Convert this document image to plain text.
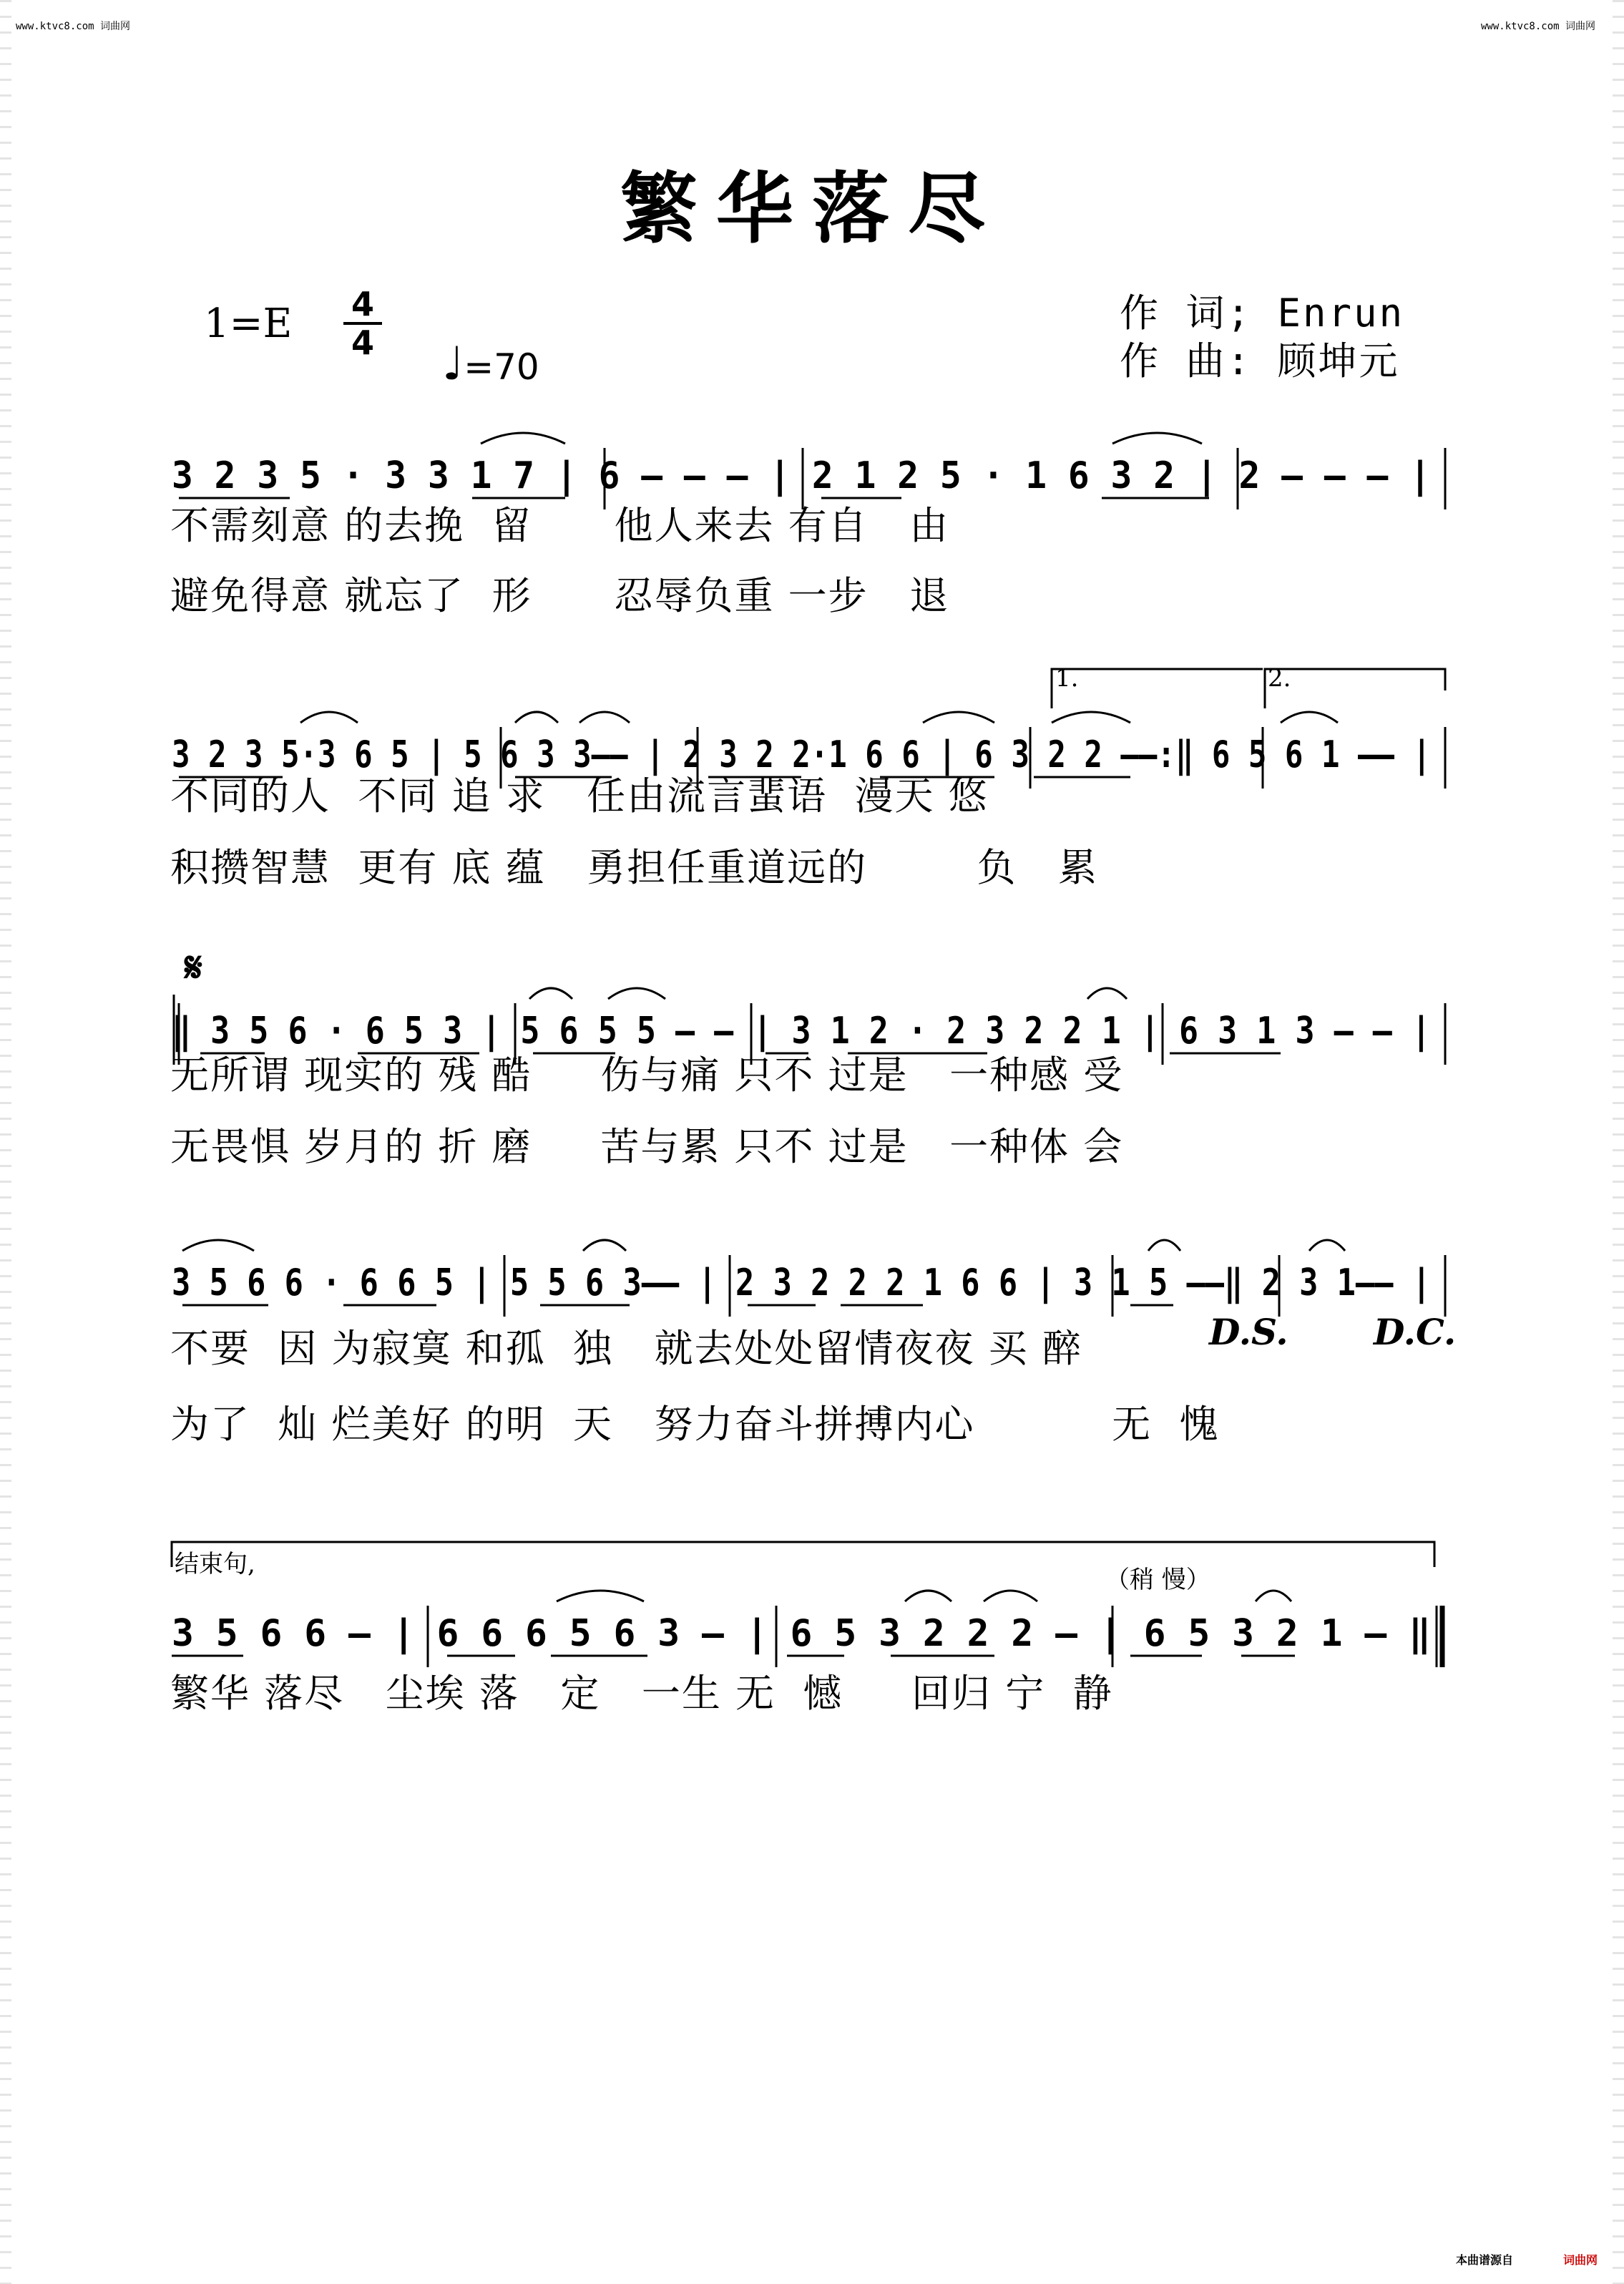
www.ktvc8.com 词曲网	www.ktvc8.com 词曲网
繁华落尽
$1=E \frac{4}{4}$
♩=70
作 词; Enrun
作 曲: 顾坤元
3 2 3 5 · 3 3 1 7 | 6 – – – | 2 1 2 5 · 1 6 3 2 | 2 – – – |
3 2 3 5·3 6 5 | 5 6 3 3–– | 2 3 2 2·1 6 6 | 6 3 2 2 ––:‖ 6 5 6 1 –– |
‖ 3 5 6 · 6 5 3 | 5 6 5 5 – – | 3 1 2 · 2 3 2 2 1 | 6 3 1 3 – – |
3 5 6 6 · 6 6 5 | 5 5 6 3–– | 2 3 2 2 2 1 6 6 | 3 1 5 ––‖ 2 3 1–– |
3 5 6 6 – | 6 6 6 5 6 3 – | 6 5 3 2 2 2 – | 6 5 3 2 1 – ‖
𝄋
D.S. D.C.
1.	2.
结束句,
（稍 慢）
本曲谱源自	词曲网
不需刻意 的去挽  留      他人来去 有自   由
避免得意 就忘了  形      忍辱负重 一步   退
不同的人  不同 追 求   任由流言蜚语  漫天 悠
积攒智慧  更有 底 蕴   勇担任重道远的        负   累
无所谓 现实的 残 酷     伤与痛 只不 过是   一种感 受
无畏惧 岁月的 折 磨     苦与累 只不 过是   一种体 会
不要  因 为寂寞 和孤  独   就去处处留情夜夜 买 醉
为了  灿 烂美好 的明  天   努力奋斗拼搏内心          无  愧
繁华 落尽   尘埃 落   定   一生 无  憾     回归 宁  静
